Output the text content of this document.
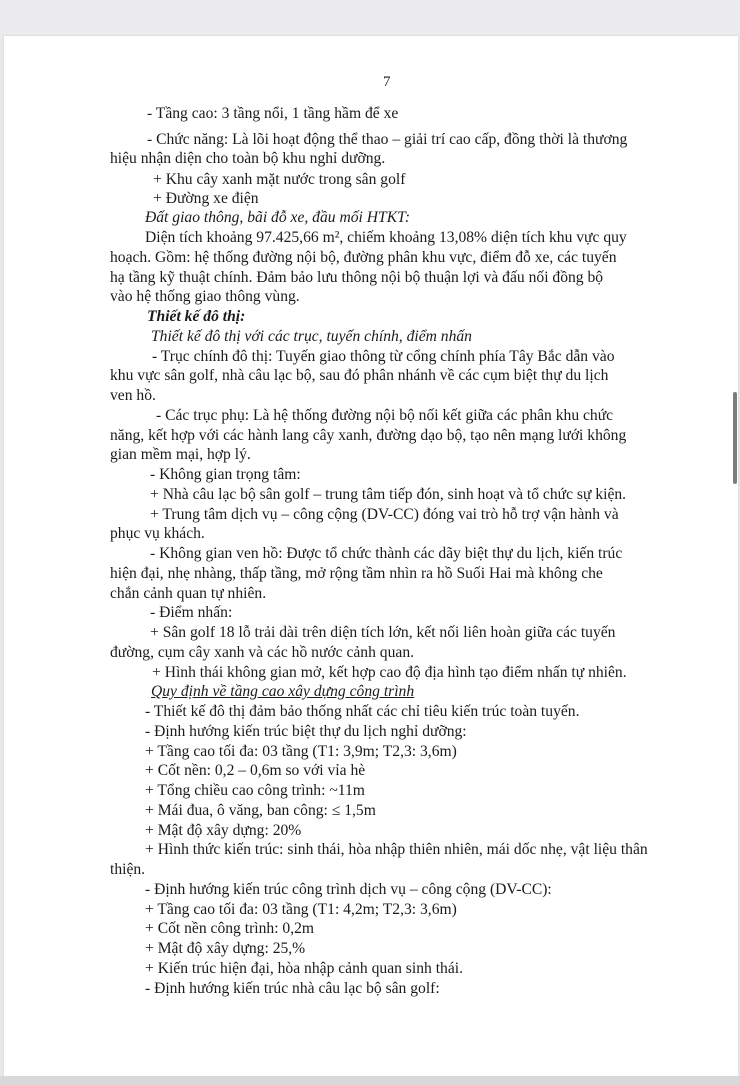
7
- Tầng cao: 3 tầng nổi, 1 tầng hầm để xe
- Chức năng: Là lõi hoạt động thể thao – giải trí cao cấp, đồng thời là thương
hiệu nhận diện cho toàn bộ khu nghỉ dưỡng.
+ Khu cây xanh mặt nước trong sân golf
+ Đường xe điện
Đất giao thông, bãi đỗ xe, đầu mối HTKT:
Diện tích khoảng 97.425,66 m², chiếm khoảng 13,08% diện tích khu vực quy
hoạch. Gồm: hệ thống đường nội bộ, đường phân khu vực, điểm đỗ xe, các tuyến
hạ tầng kỹ thuật chính. Đảm bảo lưu thông nội bộ thuận lợi và đấu nối đồng bộ
vào hệ thống giao thông vùng.
Thiết kế đô thị:
Thiết kế đô thị với các trục, tuyến chính, điểm nhấn
- Trục chính đô thị: Tuyến giao thông từ cổng chính phía Tây Bắc dẫn vào
khu vực sân golf, nhà câu lạc bộ, sau đó phân nhánh về các cụm biệt thự du lịch
ven hồ.
- Các trục phụ: Là hệ thống đường nội bộ nối kết giữa các phân khu chức
năng, kết hợp với các hành lang cây xanh, đường dạo bộ, tạo nên mạng lưới không
gian mềm mại, hợp lý.
- Không gian trọng tâm:
+ Nhà câu lạc bộ sân golf – trung tâm tiếp đón, sinh hoạt và tổ chức sự kiện.
+ Trung tâm dịch vụ – công cộng (DV-CC) đóng vai trò hỗ trợ vận hành và
phục vụ khách.
- Không gian ven hồ: Được tổ chức thành các dãy biệt thự du lịch, kiến trúc
hiện đại, nhẹ nhàng, thấp tầng, mở rộng tầm nhìn ra hồ Suối Hai mà không che
chắn cảnh quan tự nhiên.
- Điểm nhấn:
+ Sân golf 18 lỗ trải dài trên diện tích lớn, kết nối liên hoàn giữa các tuyến
đường, cụm cây xanh và các hồ nước cảnh quan.
+ Hình thái không gian mở, kết hợp cao độ địa hình tạo điểm nhấn tự nhiên.
Quy định về tầng cao xây dựng công trình
- Thiết kế đô thị đảm bảo thống nhất các chỉ tiêu kiến trúc toàn tuyến.
- Định hướng kiến trúc biệt thự du lịch nghỉ dưỡng:
+ Tầng cao tối đa: 03 tầng (T1: 3,9m; T2,3: 3,6m)
+ Cốt nền: 0,2 – 0,6m so với vỉa hè
+ Tổng chiều cao công trình: ~11m
+ Mái đua, ô văng, ban công: ≤ 1,5m
+ Mật độ xây dựng: 20%
+ Hình thức kiến trúc: sinh thái, hòa nhập thiên nhiên, mái dốc nhẹ, vật liệu thân
thiện.
- Định hướng kiến trúc công trình dịch vụ – công cộng (DV-CC):
+ Tầng cao tối đa: 03 tầng (T1: 4,2m; T2,3: 3,6m)
+ Cốt nền công trình: 0,2m
+ Mật độ xây dựng: 25,%
+ Kiến trúc hiện đại, hòa nhập cảnh quan sinh thái.
- Định hướng kiến trúc nhà câu lạc bộ sân golf:
